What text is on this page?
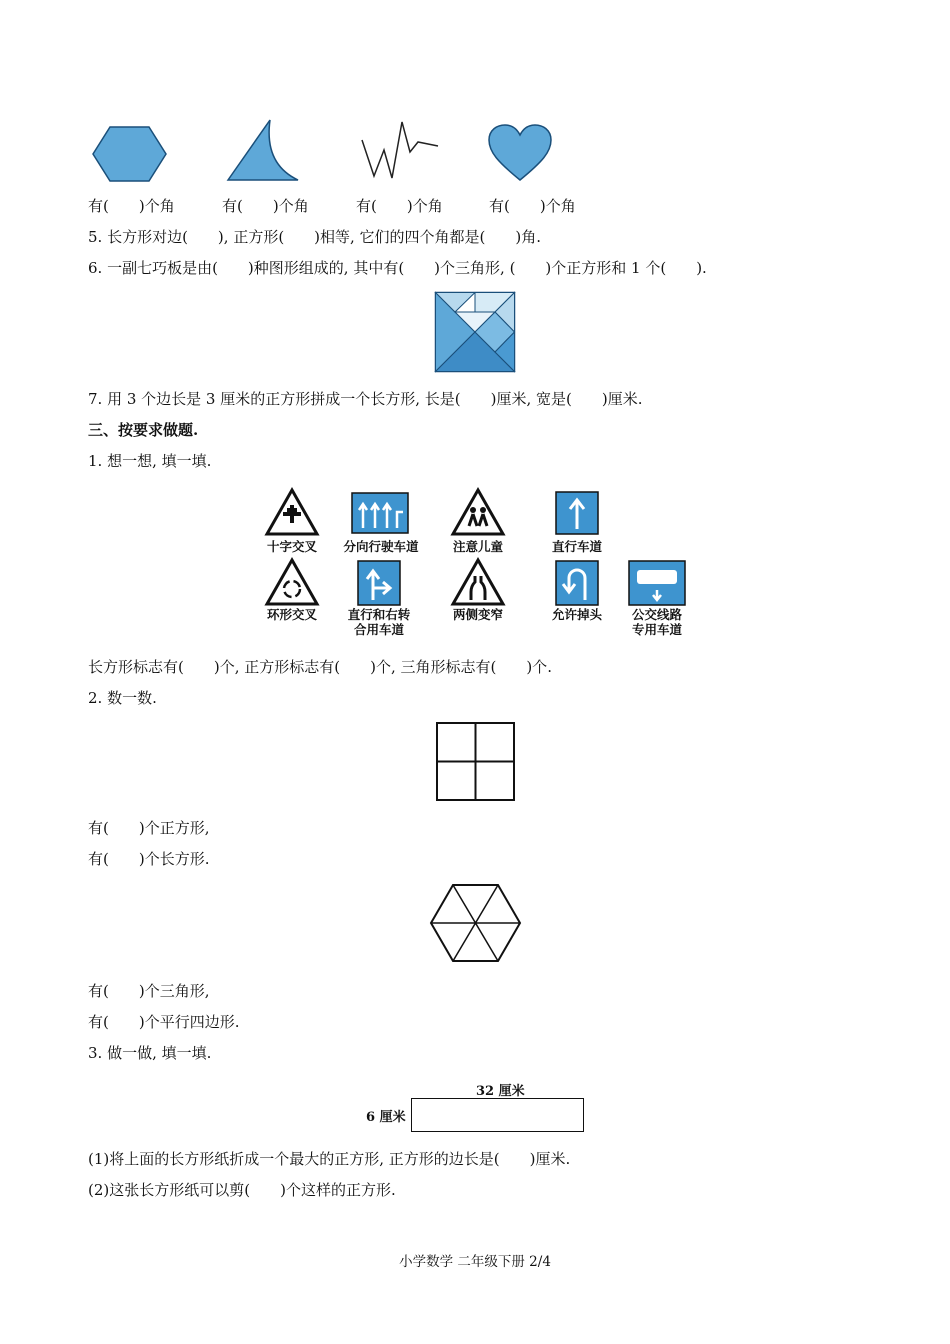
有(　　)个角	有(　　)个角	有(　　)个角	有(　　)个角
5. 长方形对边(　　), 正方形(　　)相等, 它们的四个角都是(　　)角.
6. 一副七巧板是由(　　)种图形组成的, 其中有(　　)个三角形, (　　)个正方形和 1 个(　　).
7. 用 3 个边长是 3 厘米的正方形拼成一个长方形, 长是(　　)厘米, 宽是(　　)厘米.
三、按要求做题.
1. 想一想, 填一填.
十字交叉	分向行驶车道	注意儿童	直行车道
环形交叉	直行和右转
合用车道
两侧变窄	允许掉头	公交线路
专用车道
长方形标志有(　　)个, 正方形标志有(　　)个, 三角形标志有(　　)个.
2. 数一数.
有(　　)个正方形,
有(　　)个长方形.
有(　　)个三角形,
有(　　)个平行四边形.
3. 做一做, 填一填.
32 厘米
6 厘米
(1)将上面的长方形纸折成一个最大的正方形, 正方形的边长是(　　)厘米.
(2)这张长方形纸可以剪(　　)个这样的正方形.
小学数学 二年级下册 2/4
